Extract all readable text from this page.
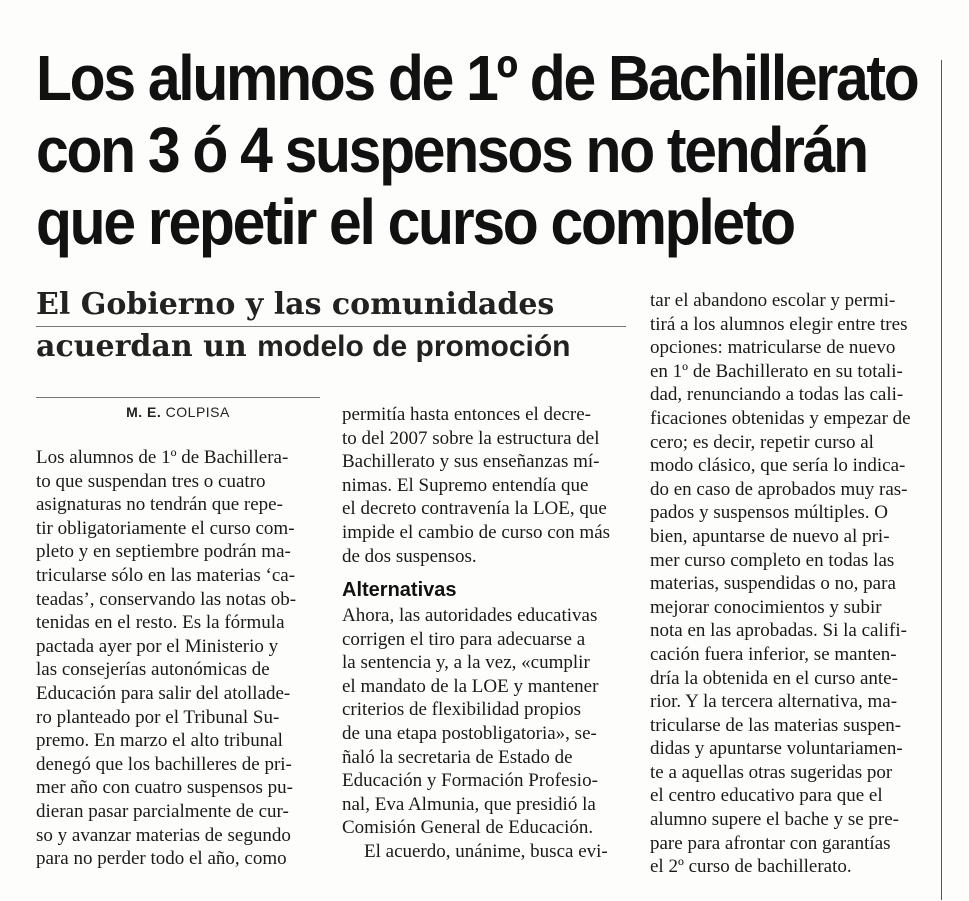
Los alumnos de 1º de Bachillerato
con 3 ó 4 suspensos no tendrán
que repetir el curso completo
El Gobierno y las comunidades
acuerdan un modelo de promoción
M. E. COLPISA
Los alumnos de 1º de Bachillera-
to que suspendan tres o cuatro
asignaturas no tendrán que repe-
tir obligatoriamente el curso com-
pleto y en septiembre podrán ma-
tricularse sólo en las materias ‘ca-
teadas’, conservando las notas ob-
tenidas en el resto. Es la fórmula
pactada ayer por el Ministerio y
las consejerías autonómicas de
Educación para salir del atollade-
ro planteado por el Tribunal Su-
premo. En marzo el alto tribunal
denegó que los bachilleres de pri-
mer año con cuatro suspensos pu-
dieran pasar parcialmente de cur-
so y avanzar materias de segundo
para no perder todo el año, como
permitía hasta entonces el decre-
to del 2007 sobre la estructura del
Bachillerato y sus enseñanzas mí-
nimas. El Supremo entendía que
el decreto contravenía la LOE, que
impide el cambio de curso con más
de dos suspensos.
Alternativas
Ahora, las autoridades educativas
corrigen el tiro para adecuarse a
la sentencia y, a la vez, «cumplir
el mandato de la LOE y mantener
criterios de flexibilidad propios
de una etapa postobligatoria», se-
ñaló la secretaria de Estado de
Educación y Formación Profesio-
nal, Eva Almunia, que presidió la
Comisión General de Educación.
El acuerdo, unánime, busca evi-
tar el abandono escolar y permi-
tirá a los alumnos elegir entre tres
opciones: matricularse de nuevo
en 1º de Bachillerato en su totali-
dad, renunciando a todas las cali-
ficaciones obtenidas y empezar de
cero; es decir, repetir curso al
modo clásico, que sería lo indica-
do en caso de aprobados muy ras-
pados y suspensos múltiples. O
bien, apuntarse de nuevo al pri-
mer curso completo en todas las
materias, suspendidas o no, para
mejorar conocimientos y subir
nota en las aprobadas. Si la califi-
cación fuera inferior, se manten-
dría la obtenida en el curso ante-
rior. Y la tercera alternativa, ma-
tricularse de las materias suspen-
didas y apuntarse voluntariamen-
te a aquellas otras sugeridas por
el centro educativo para que el
alumno supere el bache y se pre-
pare para afrontar con garantías
el 2º curso de bachillerato.
